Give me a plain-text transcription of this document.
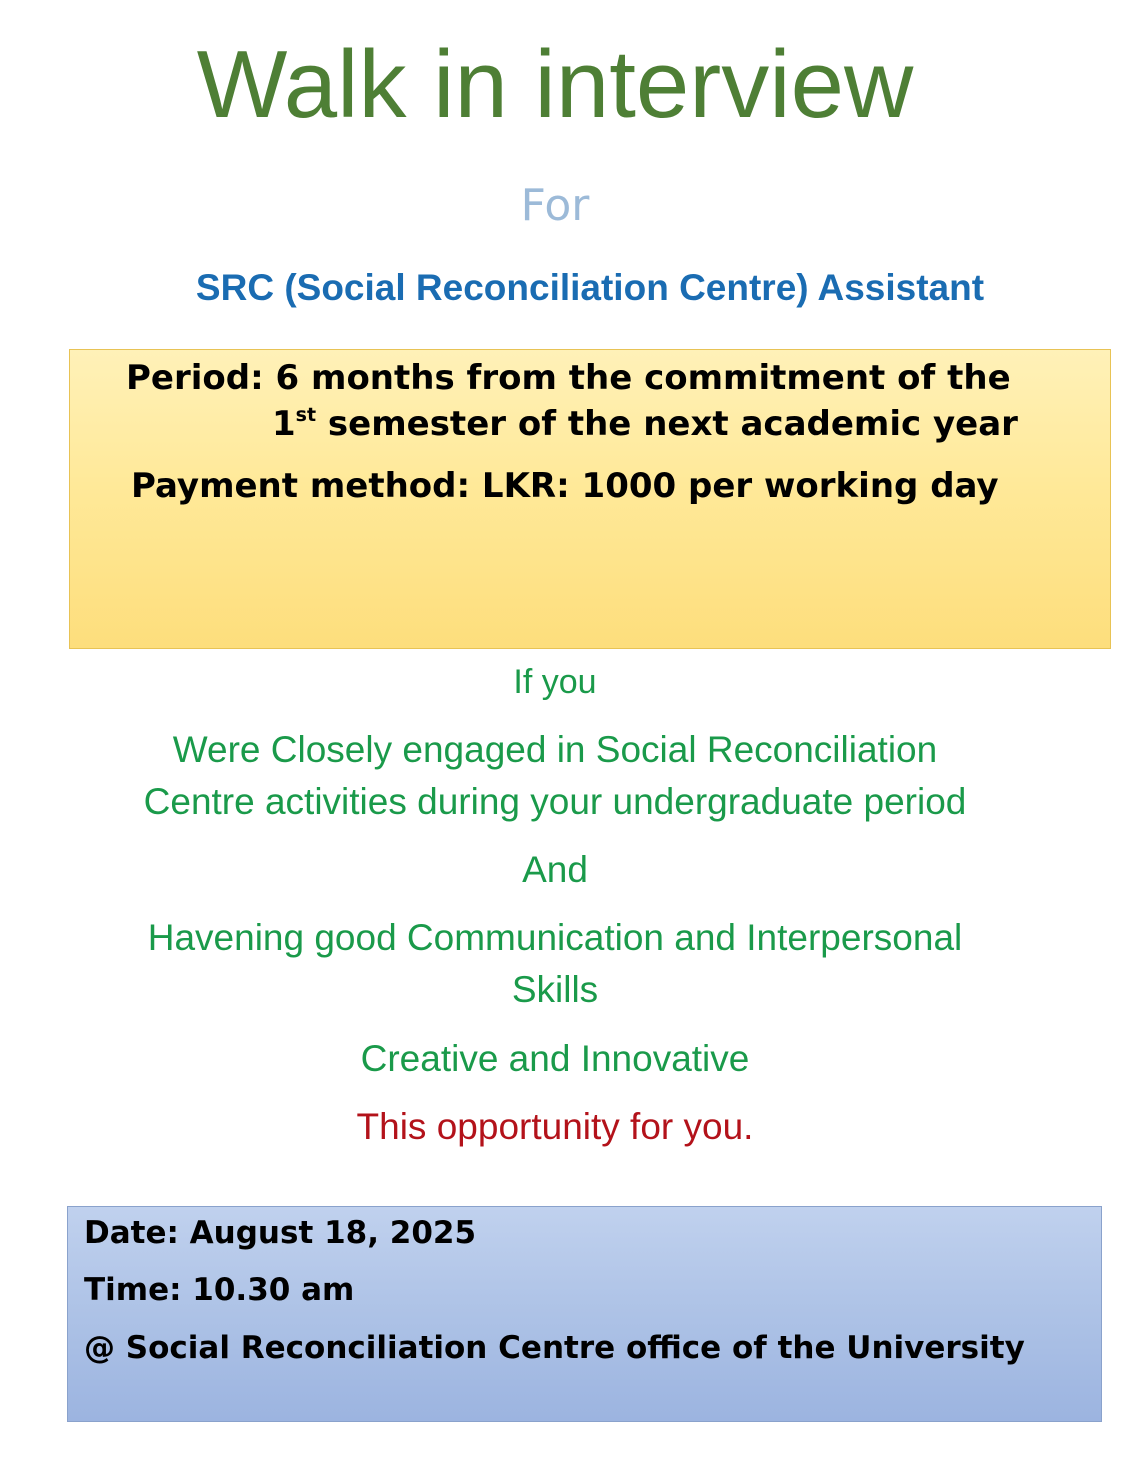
Walk in interview
For
SRC (Social Reconciliation Centre) Assistant
Period: 6 months from the commitment of the
1st semester of the next academic year
Payment method: LKR: 1000 per working day
If you
Were Closely engaged in Social Reconciliation
Centre activities during your undergraduate period
And
Havening good Communication and Interpersonal
Skills
Creative and Innovative
This opportunity for you.
Date: August 18, 2025
Time: 10.30 am
@ Social Reconciliation Centre office of the University
